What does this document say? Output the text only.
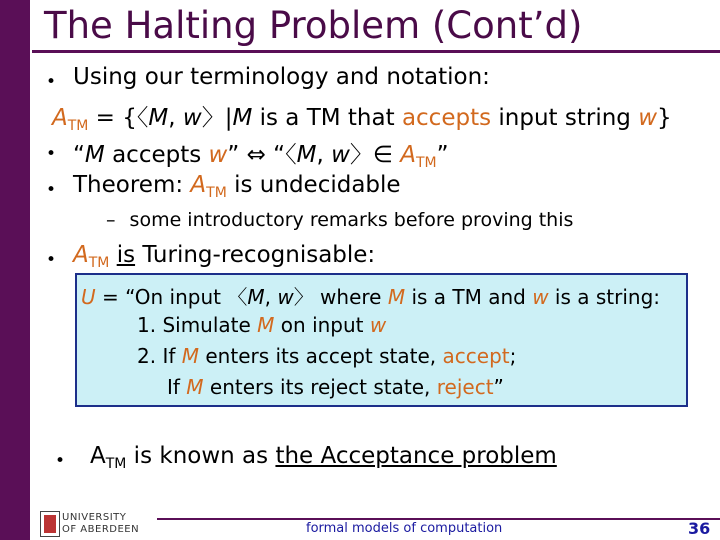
The Halting Problem (Cont’d)
• Using our terminology and notation:
$A_{TM}$ = {〈M, w〉|M is a TM that accepts input string w}
• “M accepts w” ⇔ “〈M, w〉∈ $A_{TM}$”
• Theorem: $A_{TM}$ is undecidable
– some introductory remarks before proving this
• $A_{TM}$ is Turing-recognisable:
U = “On input 〈M, w〉 where M is a TM and w is a string:
1. Simulate M on input w
2. If M enters its accept state, accept;
If M enters its reject state, reject”
• $A_{TM}$ is known as the Acceptance problem
UNIVERSITY
OF ABERDEEN	formal models of computation	36
